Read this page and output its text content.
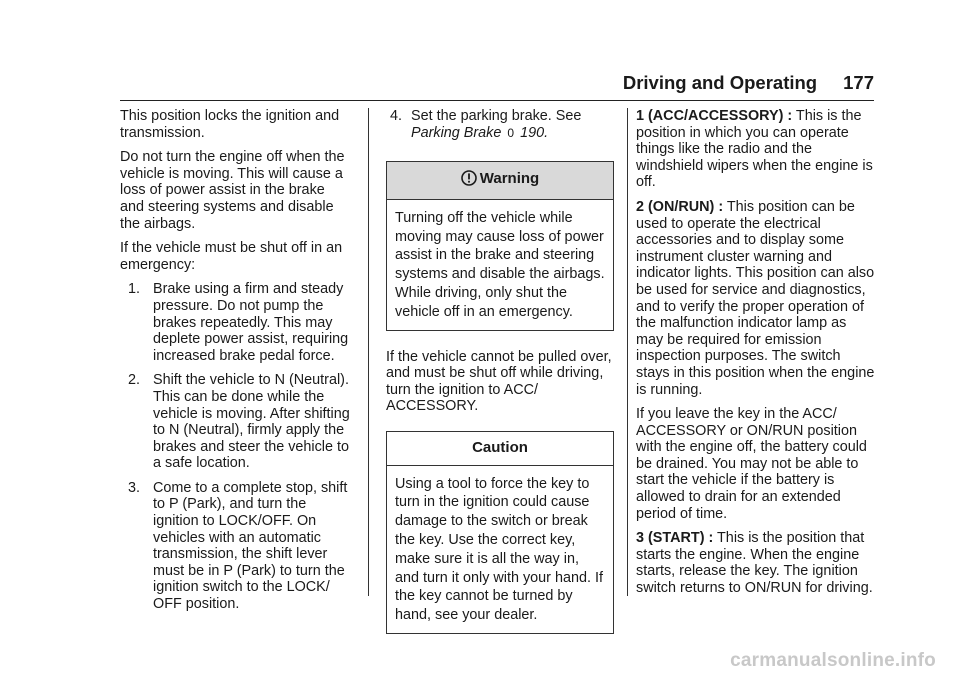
Driving and Operating 177

This position locks the ignition and transmission.

Do not turn the engine off when the vehicle is moving. This will cause a loss of power assist in the brake and steering systems and disable the airbags.

If the vehicle must be shut off in an emergency:

1. Brake using a firm and steady pressure. Do not pump the brakes repeatedly. This may deplete power assist, requiring increased brake pedal force.
2. Shift the vehicle to N (Neutral). This can be done while the vehicle is moving. After shifting to N (Neutral), firmly apply the brakes and steer the vehicle to a safe location.
3. Come to a complete stop, shift to P (Park), and turn the ignition to LOCK/OFF. On vehicles with an automatic transmission, the shift lever must be in P (Park) to turn the ignition switch to the LOCK/ OFF position.
4. Set the parking brake. See
Parking Brake 0 190.
Warning
Turning off the vehicle while moving may cause loss of power assist in the brake and steering systems and disable the airbags. While driving, only shut the vehicle off in an emergency.

If the vehicle cannot be pulled over, and must be shut off while driving, turn the ignition to ACC/ ACCESSORY.

Caution
Using a tool to force the key to turn in the ignition could cause damage to the switch or break the key. Use the correct key, make sure it is all the way in, and turn it only with your hand. If the key cannot be turned by hand, see your dealer.

1 (ACC/ACCESSORY) : This is the position in which you can operate things like the radio and the windshield wipers when the engine is off.

2 (ON/RUN) : This position can be used to operate the electrical accessories and to display some instrument cluster warning and indicator lights. This position can also be used for service and diagnostics, and to verify the proper operation of the malfunction indicator lamp as may be required for emission inspection purposes. The switch stays in this position when the engine is running.

If you leave the key in the ACC/ ACCESSORY or ON/RUN position with the engine off, the battery could be drained. You may not be able to start the vehicle if the battery is allowed to drain for an extended period of time.

3 (START) : This is the position that starts the engine. When the engine starts, release the key. The ignition switch returns to ON/RUN for driving.

carmanualsonline.info
